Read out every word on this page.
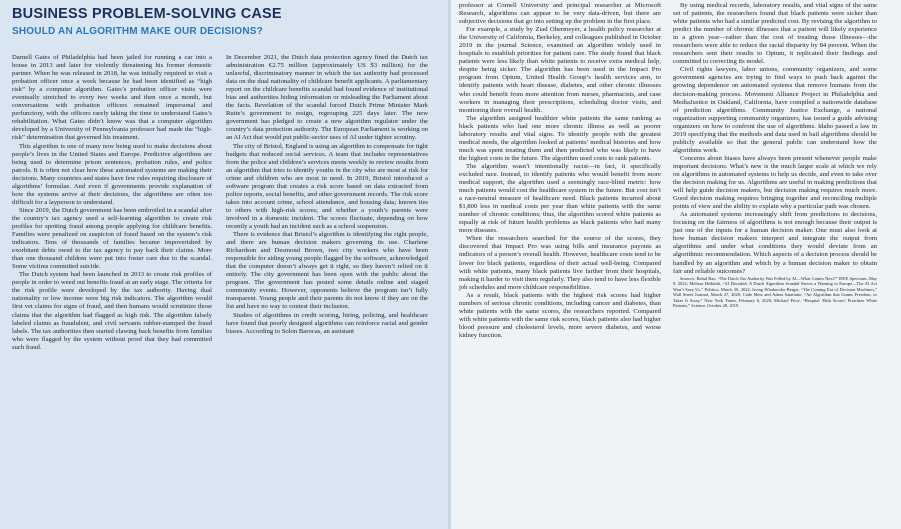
BUSINESS PROBLEM-SOLVING CASE
SHOULD AN ALGORITHM MAKE OUR DECISIONS?

Darnell Gates of Philadelphia had been jailed for running a car into a house in 2013 and later for violently threatening his former domestic partner. When he was released in 2018, he was initially required to visit a probation officer once a week because he had been identified as “high risk” by a computer algorithm. Gates’s probation officer visits were eventually stretched to every two weeks and then once a month, but conversations with probation officers remained impersonal and perfunctory, with the officers rarely taking the time to understand Gates’s rehabilitation. What Gates didn’t know was that a computer algorithm developed by a University of Pennsylvania professor had made the “high-risk” determination that governed his treatment.

This algorithm is one of many now being used to make decisions about people’s lives in the United States and Europe. Predictive algorithms are being used to determine prison sentences, probation rules, and police patrols. It is often not clear how these automated systems are making their decisions. Many countries and states have few rules requiring disclosure of algorithms’ formulae. And even if governments provide explanation of how the systems arrive at their decisions, the algorithms are often too difficult for a layperson to understand.

Since 2019, the Dutch government has been embroiled in a scandal after the country’s tax agency used a self-learning algorithm to create risk profiles for spotting fraud among people applying for childcare benefits. Families were penalized on suspicion of fraud based on the system’s risk indicators. Tens of thousands of families became impoverished by exorbitant debts owed to the tax agency to pay back their claims. More than one thousand children were put into foster care due to the scandal. Some victims committed suicide.

The Dutch system had been launched in 2013 to create risk profiles of people in order to weed out benefits fraud at an early stage. The criteria for the risk profile were developed by the tax authority. Having dual nationality or low income were big risk indicators. The algorithm would first vet claims for signs of fraud, and then humans would scrutinize those claims that the algorithm had flagged as high risk. The algorithm falsely labeled claims as fraudulent, and civil servants rubber-stamped the fraud labels. The tax authorities then started clawing back benefits from families who were flagged by the system without proof that they had committed such fraud.

In December 2021, the Dutch data protection agency fined the Dutch tax administration €2.75 million (approximately US $3 million) for the unlawful, discriminatory manner in which the tax authority had processed data on the dual nationality of childcare benefit applicants. A parliamentary report on the childcare benefits scandal had found evidence of institutional bias and authorities hiding information or misleading the Parliament about the facts. Revelation of the scandal forced Dutch Prime Minister Mark Rutte’s government to resign, regrouping 225 days later. The new government has pledged to create a new algorithm regulator under the country’s data protection authority. The European Parliament is working on an AI Act that would put public-sector uses of AI under tighter scrutiny.

The city of Bristol, England is using an algorithm to compensate for tight budgets that reduced social services. A team that includes representatives from the police and children’s services meets weekly to review results from an algorithm that tries to identify youths in the city who are most at risk for crime and children who are most in need. In 2019, Bristol introduced a software program that creates a risk score based on data extracted from police reports, social benefits, and other government records. The risk score takes into account crime, school attendance, and housing data; known ties to others with high-risk scores; and whether a youth’s parents were involved in a domestic incident. The scores fluctuate, depending on how recently a youth had an incident such as a school suspension.

There is evidence that Bristol’s algorithm is identifying the right people, and there are human decision makers governing its use. Charlene Richardson and Desmond Brown, two city workers who have been responsible for aiding young people flagged by the software, acknowledged that the computer doesn’t always get it right, so they haven’t relied on it entirely. The city government has been open with the public about the program. The government has posted some details online and staged community events. However, opponents believe the program isn’t fully transparent. Young people and their parents do not know if they are on the list and have no way to contest their inclusion.

Studies of algorithms in credit scoring, hiring, policing, and healthcare have found that poorly designed algorithms can reinforce racial and gender biases. According to Solon Barocas, an assistant

professor at Cornell University and principal researcher at Microsoft Research, algorithms can appear to be very data-driven, but there are subjective decisions that go into setting up the problem in the first place.

For example, a study by Ziad Obermeyer, a health policy researcher at the University of California, Berkeley, and colleagues published in October 2019 in the journal Science, examined an algorithm widely used in hospitals to establish priorities for patient care. The study found that black patients were less likely than white patients to receive extra medical help, despite being sicker. The algorithm has been used in the Impact Pro program from Optum, United Health Group’s health services arm, to identify patients with heart disease, diabetes, and other chronic illnesses who could benefit from more attention from nurses, pharmacists, and case workers in managing their prescriptions, scheduling doctor visits, and monitoring their overall health.

The algorithm assigned healthier white patients the same ranking as black patients who had one more chronic illness as well as poorer laboratory results and vital signs. To identify people with the greatest medical needs, the algorithm looked at patients’ medical histories and how much was spent treating them and then predicted who was likely to have the highest costs in the future. The algorithm used costs to rank patients.

The algorithm wasn’t intentionally racist—in fact, it specifically excluded race. Instead, to identify patients who would benefit from more medical support, the algorithm used a seemingly race-blind metric: how much patients would cost the healthcare system in the future. But cost isn’t a race-neutral measure of healthcare need. Black patients incurred about $1,800 less in medical costs per year than white patients with the same number of chronic conditions; thus, the algorithm scored white patients as equally at risk of future health problems as black patients who had many more diseases.

When the researchers searched for the source of the scores, they discovered that Impact Pro was using bills and insurance payouts as indicators of a person’s overall health. However, healthcare costs tend to be lower for black patients, regardless of their actual well-being. Compared with white patients, many black patients live farther from their hospitals, making it harder to visit them regularly. They also tend to have less flexible job schedules and more childcare responsibilities.

As a result, black patients with the highest risk scores had higher numbers of serious chronic conditions, including cancer and diabetes, than white patients with the same scores, the researchers reported. Compared with white patients with the same risk scores, black patients also had higher blood pressure and cholesterol levels, more severe diabetes, and worse kidney function.

By using medical records, laboratory results, and vital signs of the same set of patients, the researchers found that black patients were sicker than white patients who had a similar predicted cost. By revising the algorithm to predict the number of chronic illnesses that a patient will likely experience in a given year—rather than the cost of treating those illnesses—the researchers were able to reduce the racial disparity by 84 percent. When the researchers sent their results to Optum, it replicated their findings and committed to correcting its model.

Civil rights lawyers, labor unions, community organizers, and some government agencies are trying to find ways to push back against the growing dependence on automated systems that remove humans from the decision-making process. Movement Alliance Project in Philadelphia and MediaJustice in Oakland, California, have compiled a nationwide database of prediction algorithms. Community Justice Exchange, a national organization supporting community organizers, has issued a guide advising organizers on how to confront the use of algorithms. Idaho passed a law in 2019 specifying that the methods and data used in bail algorithms should be publicly available so that the general public can understand how the algorithms work.

Concerns about biases have always been present whenever people make important decisions. What’s new is the much larger scale at which we rely on algorithms in automated systems to help us decide, and even to take over the decision making for us. Algorithms are useful in making predictions that will help guide decision makers, but decision making requires much more. Good decision making requires bringing together and reconciling multiple points of view and the ability to explain why a particular path was chosen.

As automated systems increasingly shift from predictions to decisions, focusing on the fairness of algorithms is not enough because their output is just one of the inputs for a human decision maker. One must also look at how human decision makers interpret and integrate the output from algorithms and under what conditions they would deviate from an algorithmic recommendation. Which aspects of a decision process should be handled by an algorithm and which by a human decision maker to obtain fair and reliable outcomes?

Sources: Rahul Rao, “The Dutch Tax Authority Was Felled by AI—What Comes Next?” IEEE Spectrum, May 9, 2022; Melissa Heikkilä, “AI Decoded: A Dutch Algorithm Scandal Serves a Warning to Europe—The AI Act Won’t Save Us,” Politico, March 30, 2022; Irving Wladawsky-Berger, “The Coming Era of Decision Machines,” Wall Street Journal, March 27, 2020; Cade Metz and Adam Satariano, “An Algorithm that Grants Freedom, or Takes It Away,” New York Times, February 6, 2020; Michael Price, “Hospital ‘Risk Scores’ Prioritize White Patients,” Science, October 28, 2019.
